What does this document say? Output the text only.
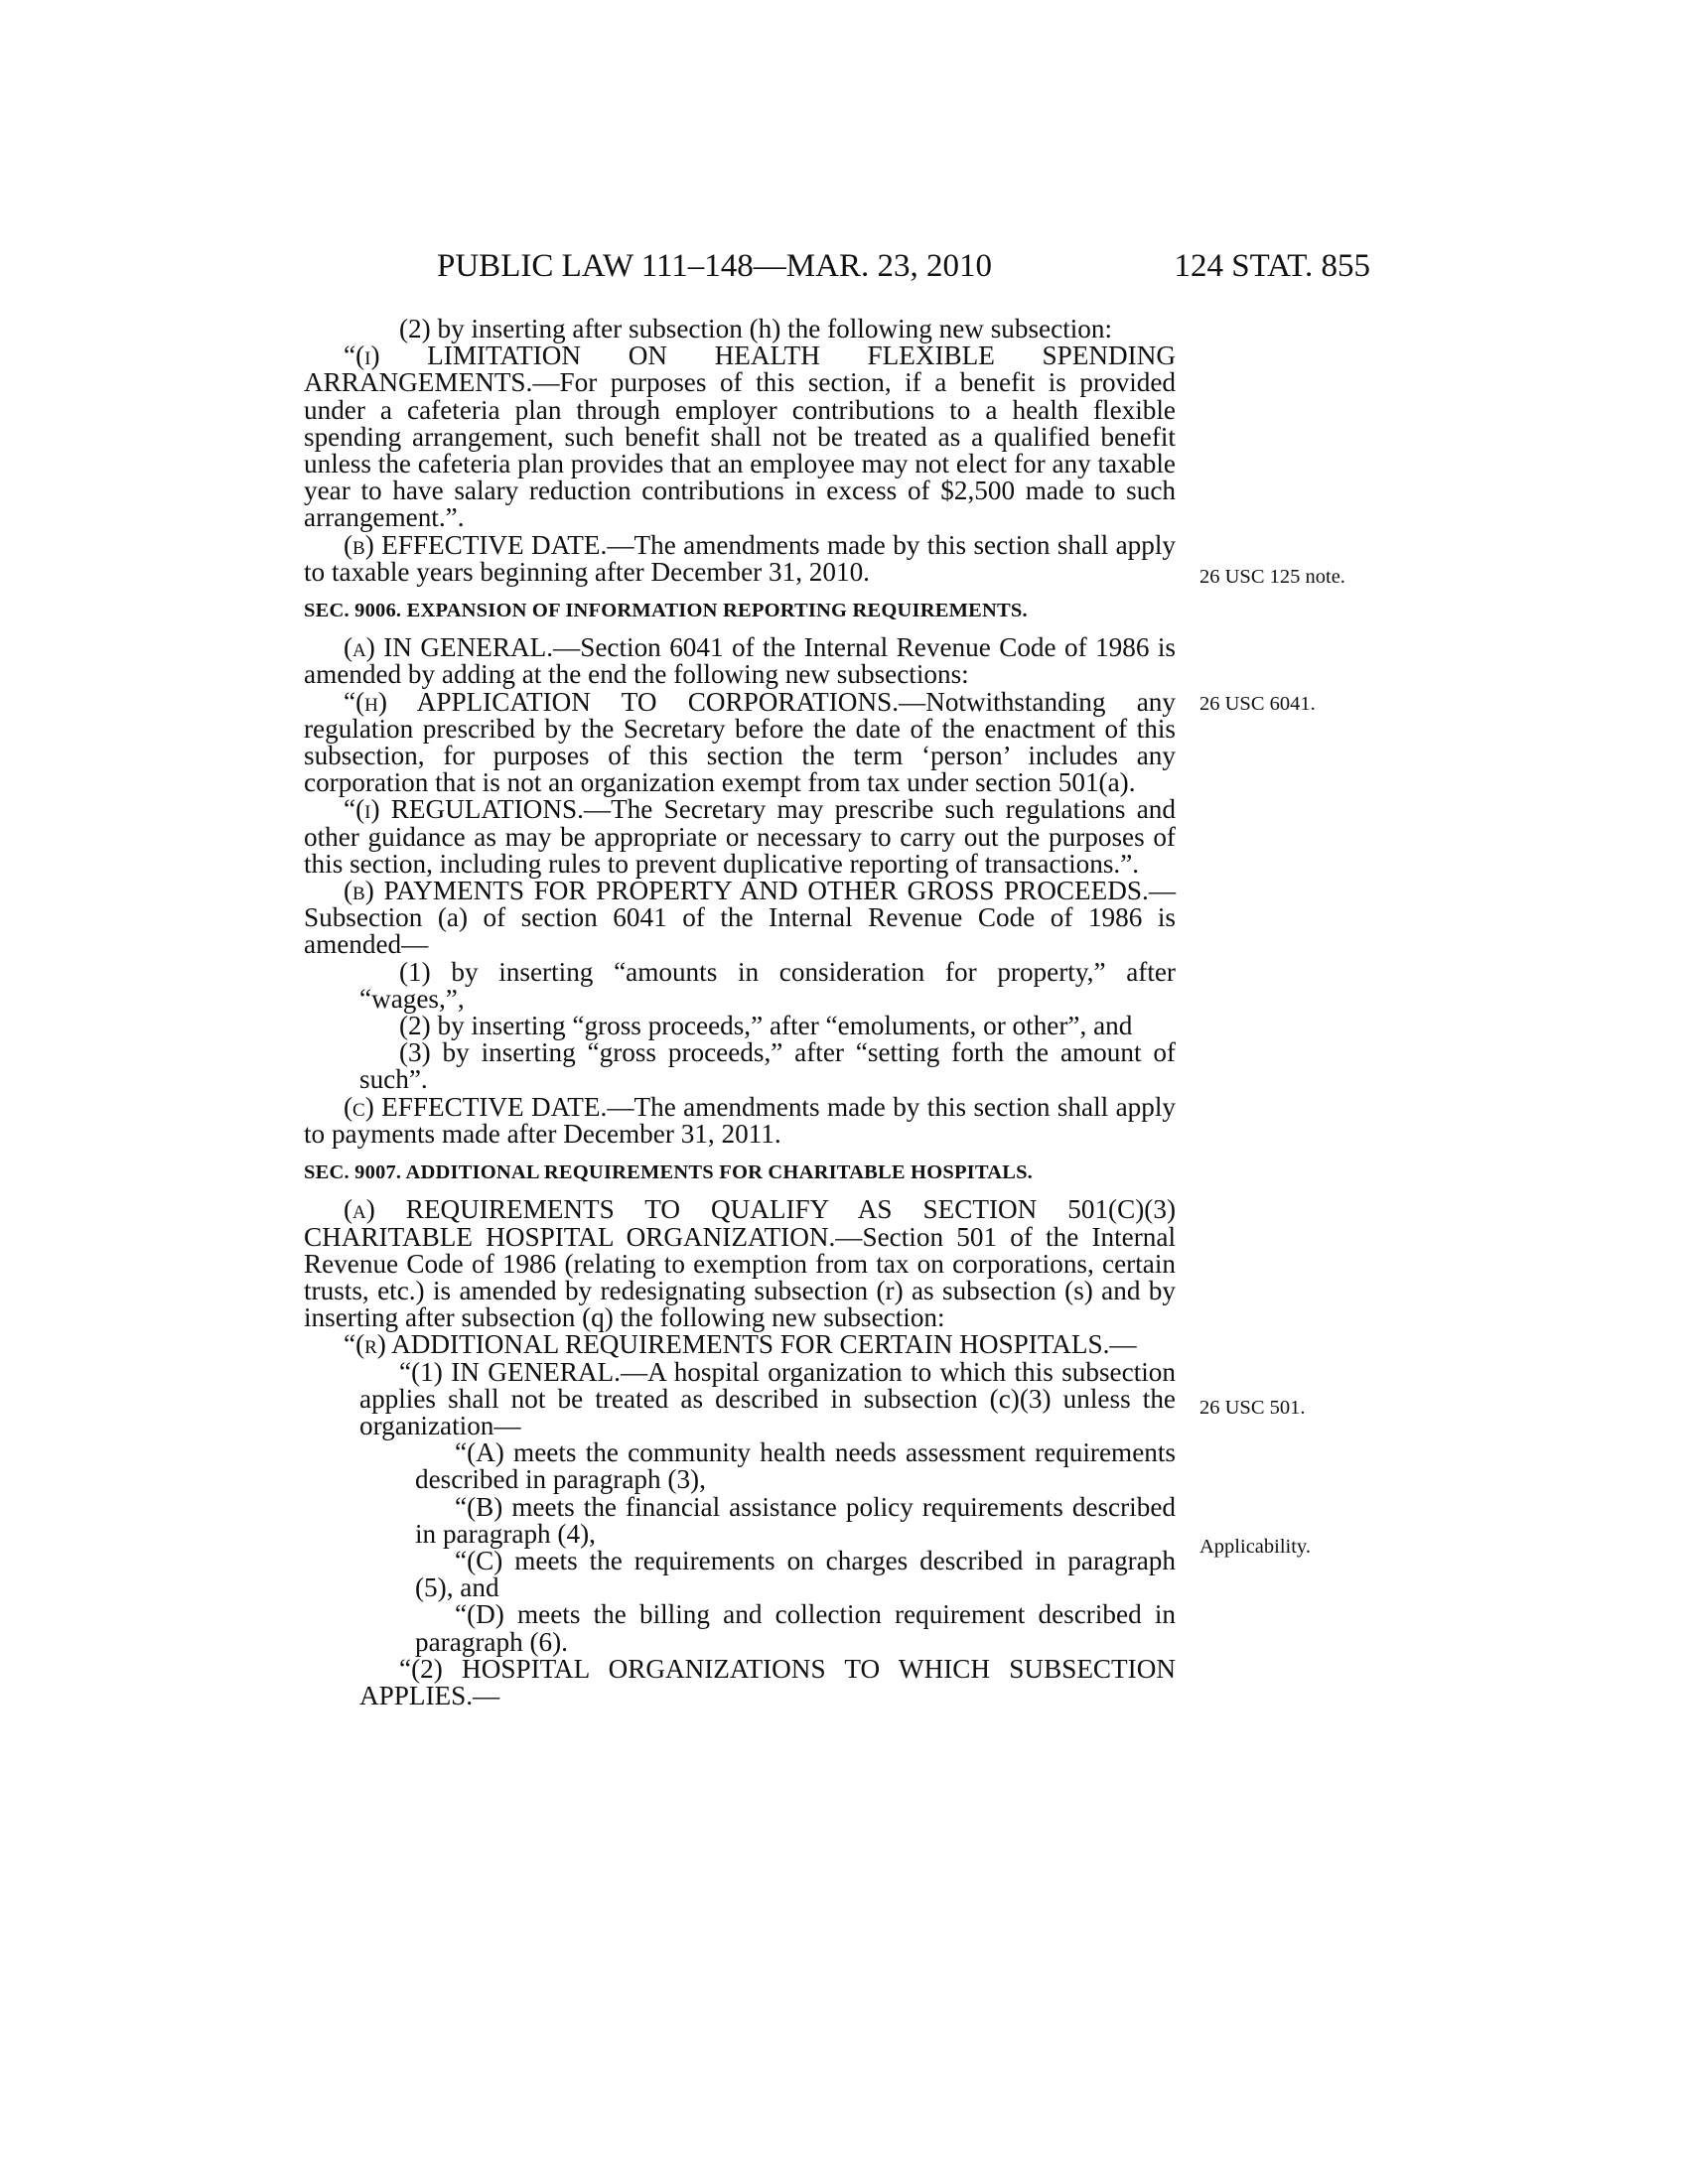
PUBLIC LAW 111–148—MAR. 23, 2010	124 STAT. 855

(2) by inserting after subsection (h) the following new subsection:

“(i) LIMITATION ON HEALTH FLEXIBLE SPENDING ARRANGEMENTS.—For purposes of this section, if a benefit is provided under a cafeteria plan through employer contributions to a health flexible spending arrangement, such benefit shall not be treated as a qualified benefit unless the cafeteria plan provides that an employee may not elect for any taxable year to have salary reduction contributions in excess of $2,500 made to such arrangement.”.

(b) EFFECTIVE DATE.—The amendments made by this section shall apply to taxable years beginning after December 31, 2010.

SEC. 9006. EXPANSION OF INFORMATION REPORTING REQUIREMENTS.

(a) IN GENERAL.—Section 6041 of the Internal Revenue Code of 1986 is amended by adding at the end the following new subsections:

“(h) APPLICATION TO CORPORATIONS.—Notwithstanding any regulation prescribed by the Secretary before the date of the enactment of this subsection, for purposes of this section the term ‘person’ includes any corporation that is not an organization exempt from tax under section 501(a).

“(i) REGULATIONS.—The Secretary may prescribe such regulations and other guidance as may be appropriate or necessary to carry out the purposes of this section, including rules to prevent duplicative reporting of transactions.”.

(b) PAYMENTS FOR PROPERTY AND OTHER GROSS PROCEEDS.— Subsection (a) of section 6041 of the Internal Revenue Code of 1986 is amended—

(1) by inserting “amounts in consideration for property,” after “wages,”,

(2) by inserting “gross proceeds,” after “emoluments, or other”, and

(3) by inserting “gross proceeds,” after “setting forth the amount of such”.

(c) EFFECTIVE DATE.—The amendments made by this section shall apply to payments made after December 31, 2011.

SEC. 9007. ADDITIONAL REQUIREMENTS FOR CHARITABLE HOSPITALS.

(a) REQUIREMENTS TO QUALIFY AS SECTION 501(C)(3) CHARITABLE HOSPITAL ORGANIZATION.—Section 501 of the Internal Revenue Code of 1986 (relating to exemption from tax on corporations, certain trusts, etc.) is amended by redesignating subsection (r) as subsection (s) and by inserting after subsection (q) the following new subsection:

“(r) ADDITIONAL REQUIREMENTS FOR CERTAIN HOSPITALS.—

“(1) IN GENERAL.—A hospital organization to which this subsection applies shall not be treated as described in subsection (c)(3) unless the organization—

“(A) meets the community health needs assessment requirements described in paragraph (3),

“(B) meets the financial assistance policy requirements described in paragraph (4),

“(C) meets the requirements on charges described in paragraph (5), and

“(D) meets the billing and collection requirement described in paragraph (6).

“(2) HOSPITAL ORGANIZATIONS TO WHICH SUBSECTION APPLIES.—

26 USC 125 note.
26 USC 6041.
26 USC 501.
Applicability.
